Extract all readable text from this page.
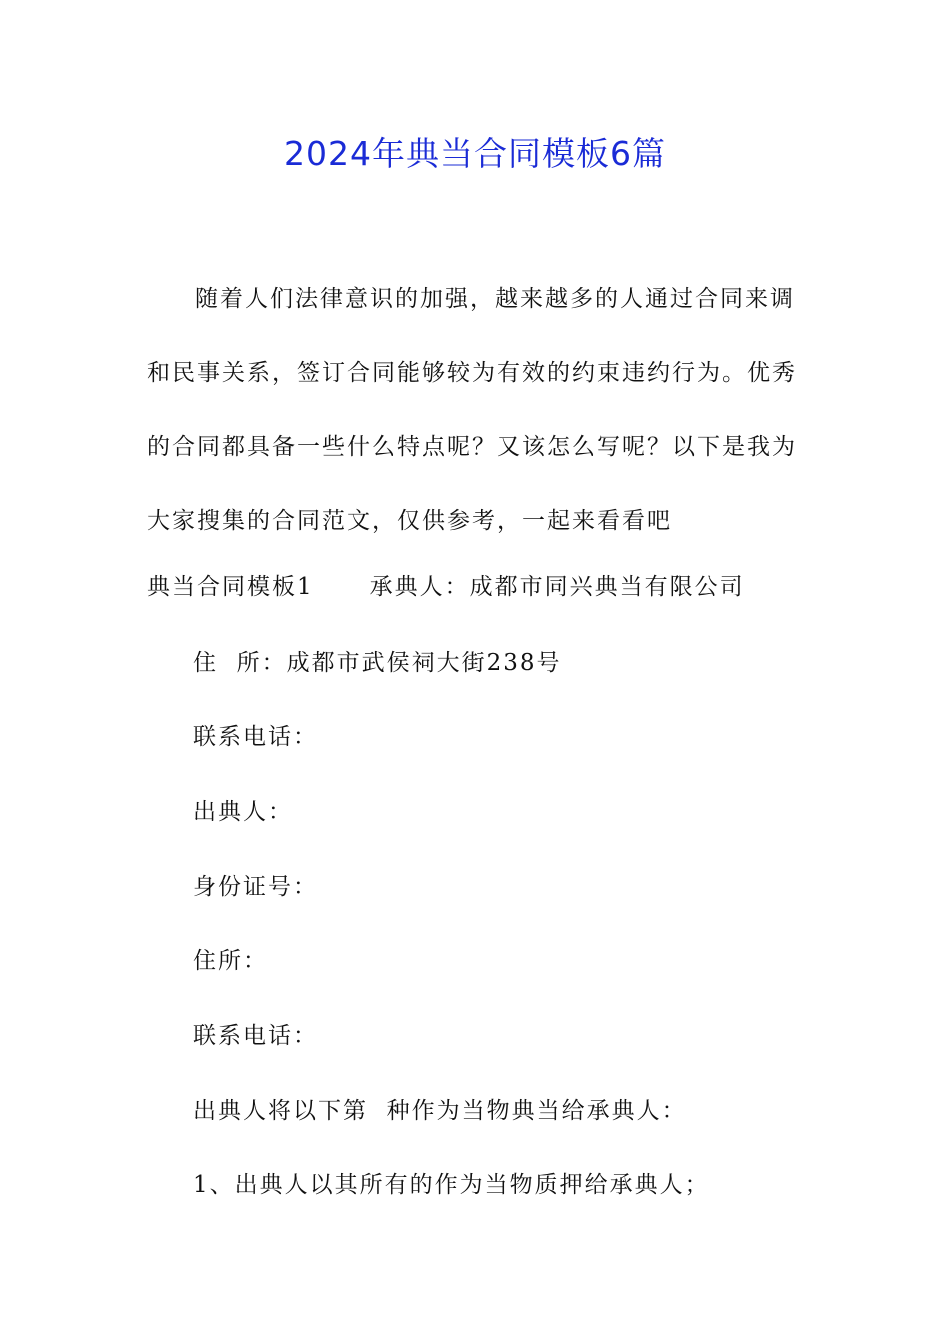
2024年典当合同模板6篇

随着人们法律意识的加强，越来越多的人通过合同来调和民事关系，签订合同能够较为有效的约束违约行为。优秀的合同都具备一些什么特点呢？又该怎么写呢？以下是我为大家搜集的合同范文，仅供参考，一起来看看吧

典当合同模板1 承典人：成都市同兴典当有限公司

住  所：成都市武侯祠大街238号

联系电话：

出典人：

身份证号：

住所：

联系电话：

出典人将以下第  种作为当物典当给承典人：

1、出典人以其所有的作为当物质押给承典人；
